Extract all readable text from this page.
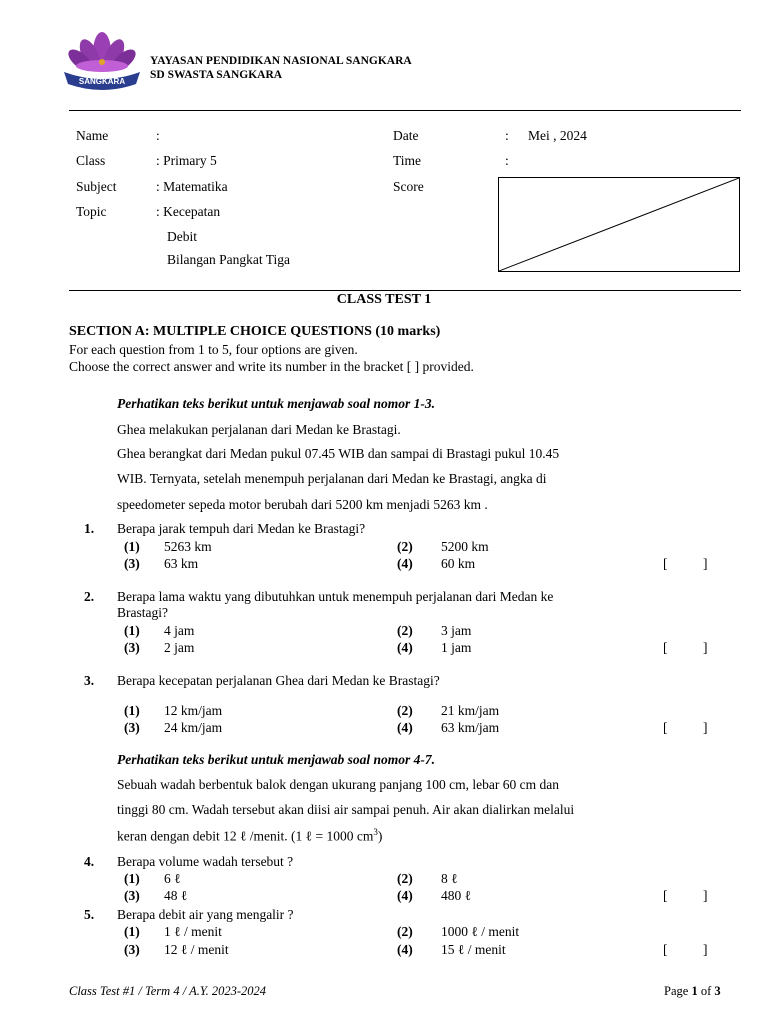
SANGKARA
YAYASAN PENDIDIKAN NASIONAL SANGKARA
SD SWASTA SANGKARA
Name	:
Class	: Primary 5
Subject	: Matematika
Topic	: Kecepatan
Debit
Bilangan Pangkat Tiga
Date	: Mei , 2024
Time	:
Score
CLASS TEST 1
SECTION A: MULTIPLE CHOICE QUESTIONS (10 marks)
For each question from 1 to 5, four options are given.
Choose the correct answer and write its number in the bracket [ ] provided.
Perhatikan teks berikut untuk menjawab soal nomor 1-3.
Ghea melakukan perjalanan dari Medan ke Brastagi.
Ghea berangkat dari Medan pukul 07.45 WIB dan sampai di Brastagi pukul 10.45
WIB. Ternyata, setelah menempuh perjalanan dari Medan ke Brastagi, angka di
speedometer sepeda motor berubah dari 5200 km menjadi 5263 km .
1. Berapa jarak tempuh dari Medan ke Brastagi?
(1) 5263 km	(2) 5200 km
(3) 63 km	(4) 60 km	[	]
2. Berapa lama waktu yang dibutuhkan untuk menempuh perjalanan dari Medan ke
Brastagi?
(1) 4 jam	(2) 3 jam
(3) 2 jam	(4) 1 jam	[	]
3. Berapa kecepatan perjalanan Ghea dari Medan ke Brastagi?
(1) 12 km/jam	(2) 21 km/jam
(3) 24 km/jam	(4) 63 km/jam	[	]
Perhatikan teks berikut untuk menjawab soal nomor 4-7.
Sebuah wadah berbentuk balok dengan ukurang panjang 100 cm, lebar 60 cm dan
tinggi 80 cm. Wadah tersebut akan diisi air sampai penuh. Air akan dialirkan melalui
keran dengan debit 12 ℓ /menit. (1 ℓ = 1000 $cm^3$)
4. Berapa volume wadah tersebut ?
(1) 6 ℓ	(2) 8 ℓ
(3) 48 ℓ	(4) 480 ℓ	[	]
5. Berapa debit air yang mengalir ?
(1) 1 ℓ / menit	(2) 1000 ℓ / menit
(3) 12 ℓ / menit	(4) 15 ℓ / menit	[	]
Class Test #1 / Term 4 / A.Y. 2023-2024	Page 1 of 3
